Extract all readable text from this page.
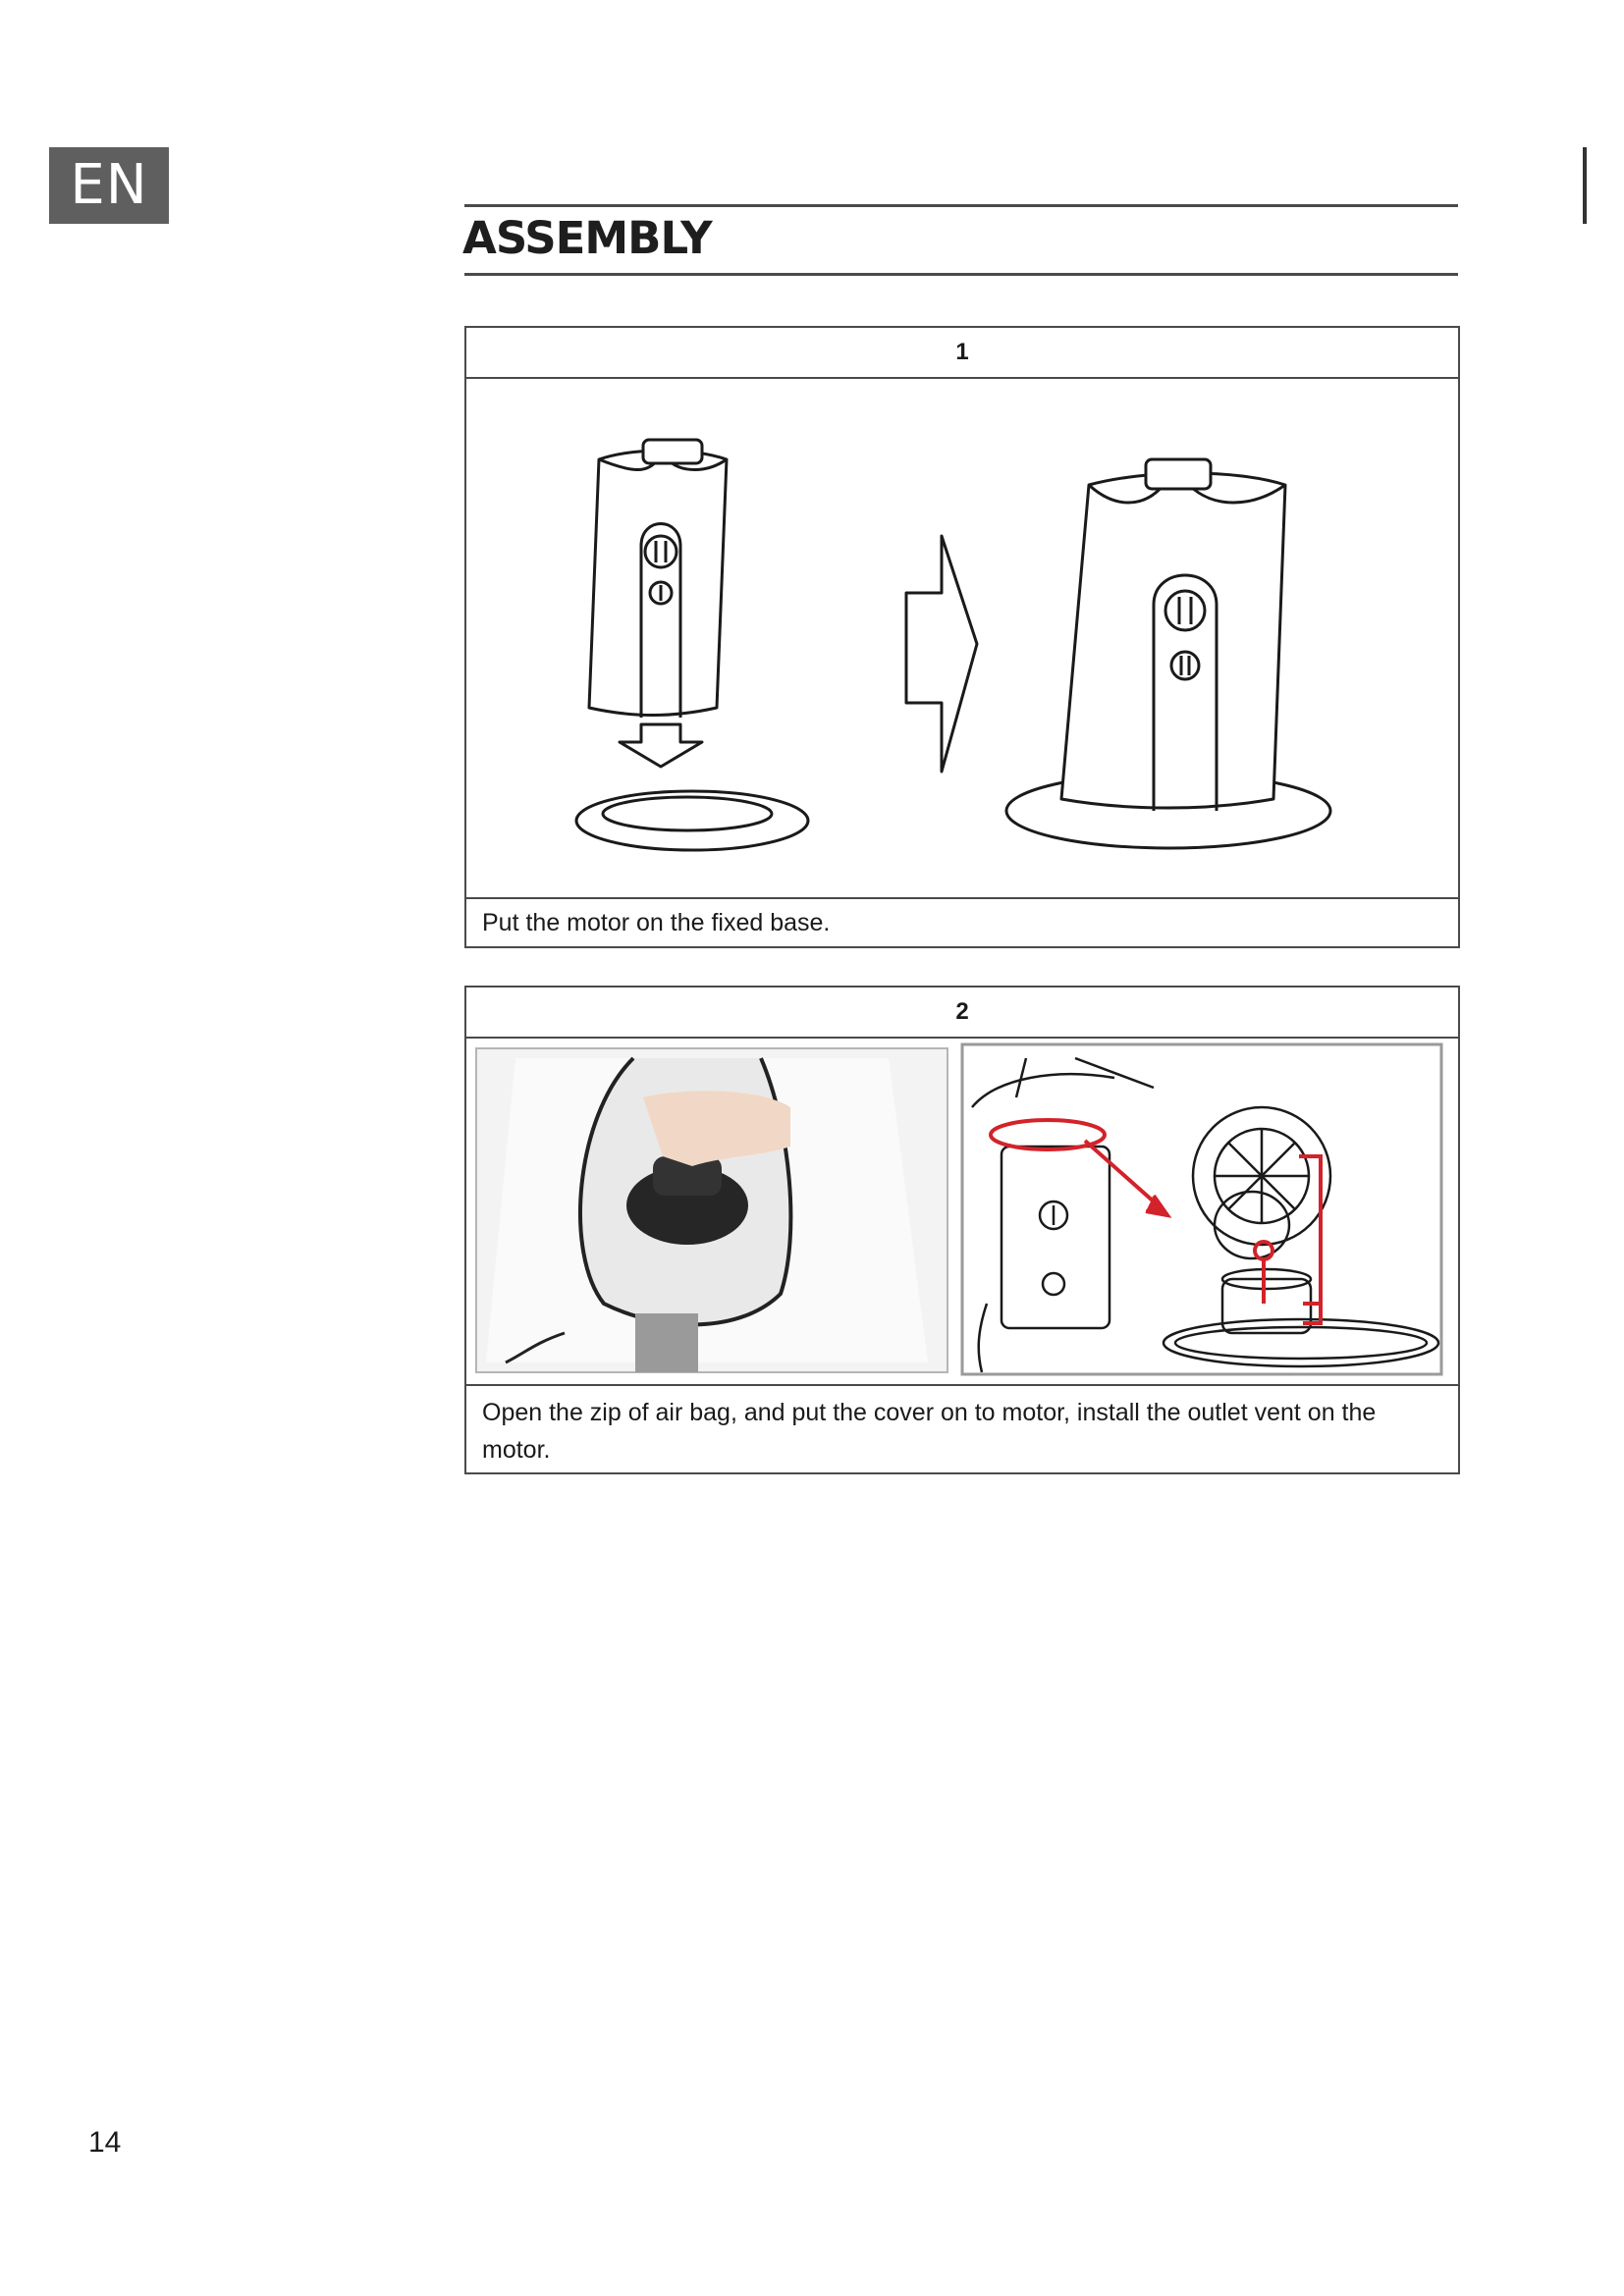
EN
ASSEMBLY
1
Put the motor on the fixed base.
2
Open the zip of air bag, and put the cover on to motor, install the outlet vent on the motor.
14
